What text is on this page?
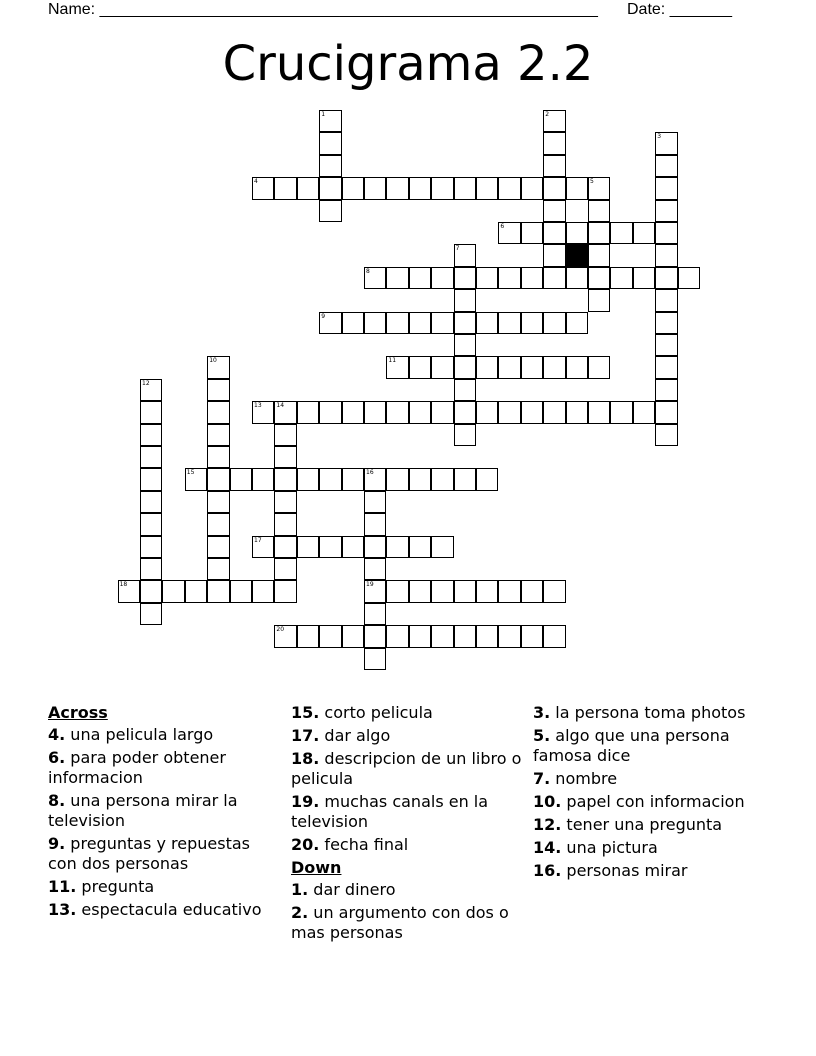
Name: ________________________________________________________ Date: _______
Crucigrama 2.2
1	2
3
4	5
6
7
8
9
10	11
12
13 14
15	16
19
17
18
20
Across
4. una pelicula largo
6. para poder obtener informacion
8. una persona mirar la television
9. preguntas y repuestas con dos personas
11. pregunta
13. espectacula educativo
15. corto pelicula
17. dar algo
18. descripcion de un libro o pelicula
19. muchas canals en la television
20. fecha final
Down
1. dar dinero
2. un argumento con dos o mas personas
3. la persona toma photos
5. algo que una persona famosa dice
7. nombre
10. papel con informacion
12. tener una pregunta
14. una pictura
16. personas mirar
